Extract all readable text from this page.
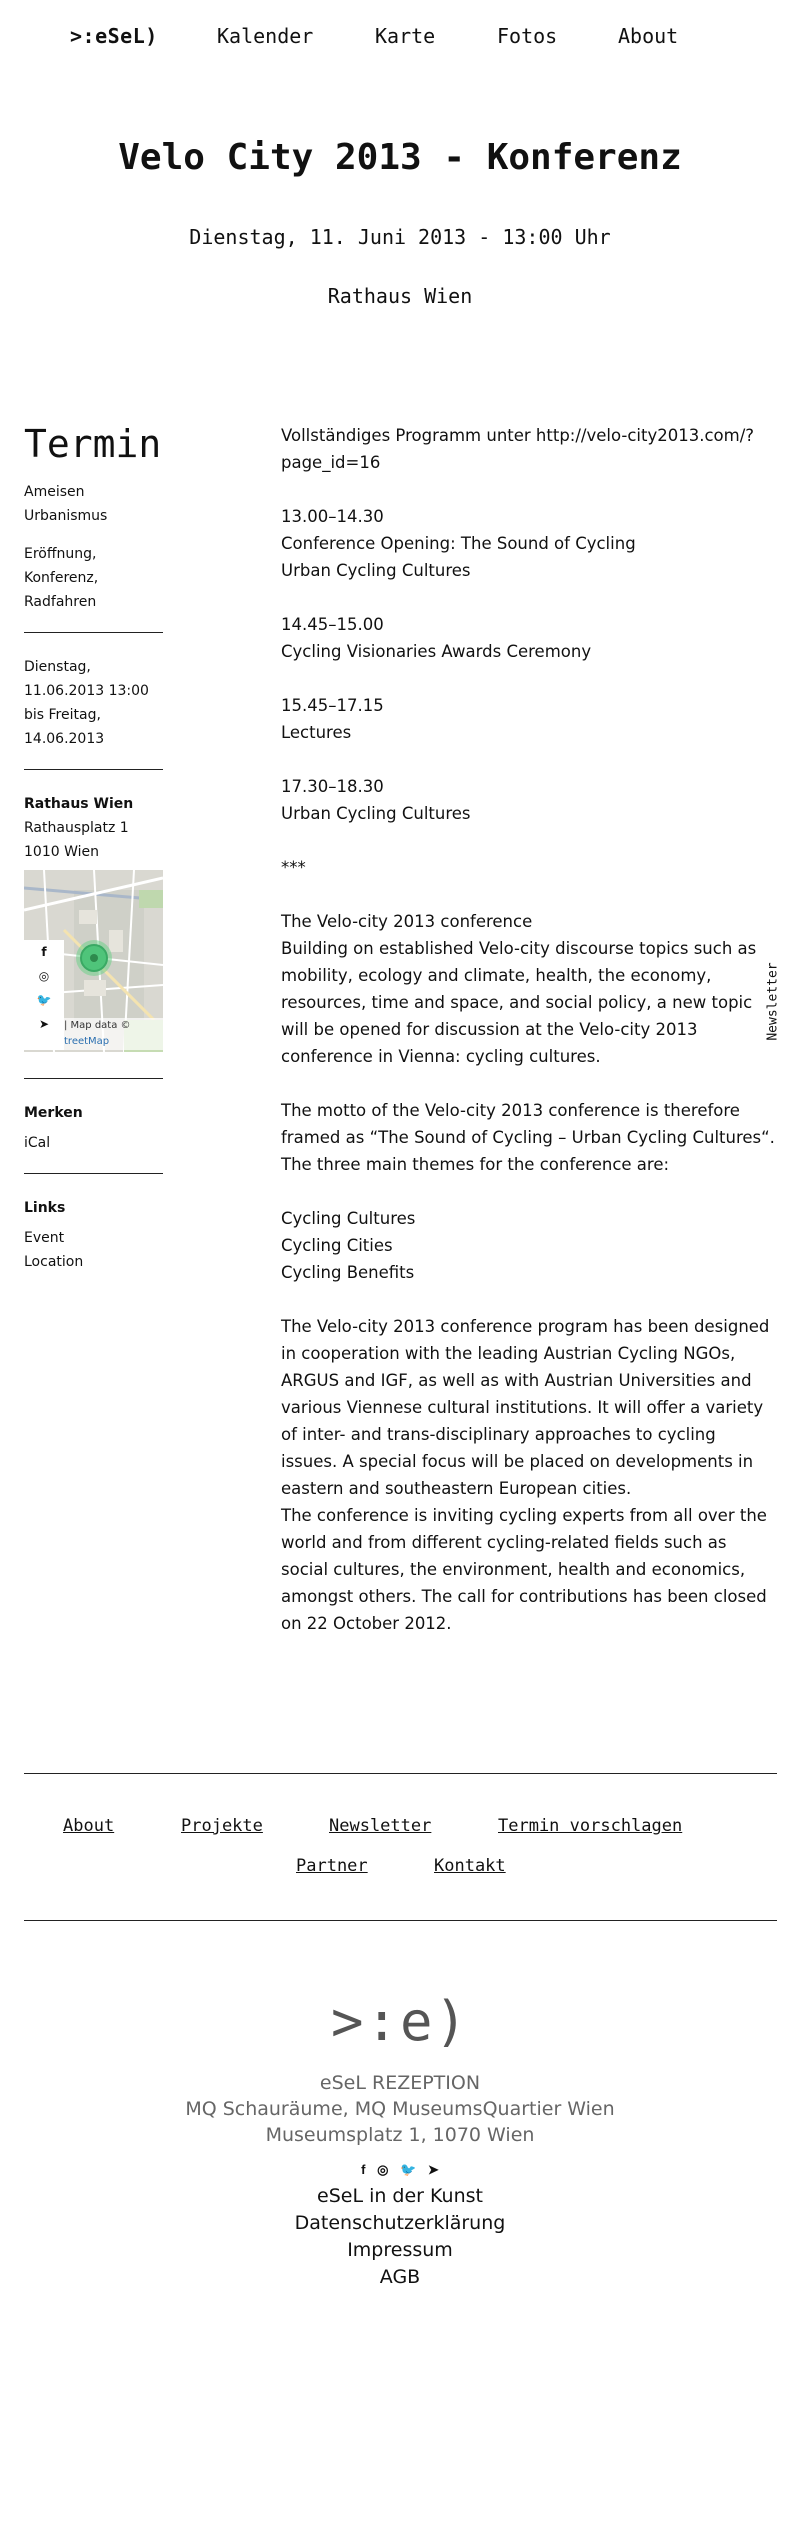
>:eSeL)	Kalender	Karte	Fotos	About
Velo City 2013 - Konferenz
Dienstag, 11. Juni 2013 - 13:00 Uhr
Rathaus Wien
Termin
Ameisen
Urbanismus
Eröffnung,
Konferenz,
Radfahren
Dienstag,
11.06.2013 13:00
bis Freitag,
14.06.2013
Rathaus Wien
Rathausplatz 1
1010 Wien
f
◎
🐦
➤	| Map data ©
treetMap
Merken
iCal
Links
Event
Location

Vollständiges Programm unter http://velo-city2013.com/?page_id=16

13.00–14.30
Conference Opening: The Sound of Cycling
Urban Cycling Cultures

14.45–15.00
Cycling Visionaries Awards Ceremony

15.45–17.15
Lectures

17.30–18.30
Urban Cycling Cultures

***

The Velo-city 2013 conference
Building on established Velo-city discourse topics such as mobility, ecology and climate, health, the economy, resources, time and space, and social policy, a new topic will be opened for discussion at the Velo-city 2013 conference in Vienna: cycling cultures.

The motto of the Velo-city 2013 conference is therefore framed as “The Sound of Cycling – Urban Cycling Cultures“. The three main themes for the conference are:

Cycling Cultures
Cycling Cities
Cycling Benefits

The Velo-city 2013 conference program has been designed in cooperation with the leading Austrian Cycling NGOs, ARGUS and IGF, as well as with Austrian Universities and various Viennese cultural institutions. It will offer a variety of inter- and trans-disciplinary approaches to cycling issues. A special focus will be placed on developments in eastern and southeastern European cities.

The conference is inviting cycling experts from all over the world and from different cycling-related fields such as social cultures, the environment, health and economics, amongst others. The call for contributions has been closed on 22 October 2012.

Newsletter
About	Projekte	Newsletter	Termin vorschlagen
Partner	Kontakt
>:e)
eSeL REZEPTION
MQ Schauräume, MQ MuseumsQuartier Wien
Museumsplatz 1, 1070 Wien
f ◎ 🐦 ➤
eSeL in der Kunst
Datenschutzerklärung
Impressum
AGB
